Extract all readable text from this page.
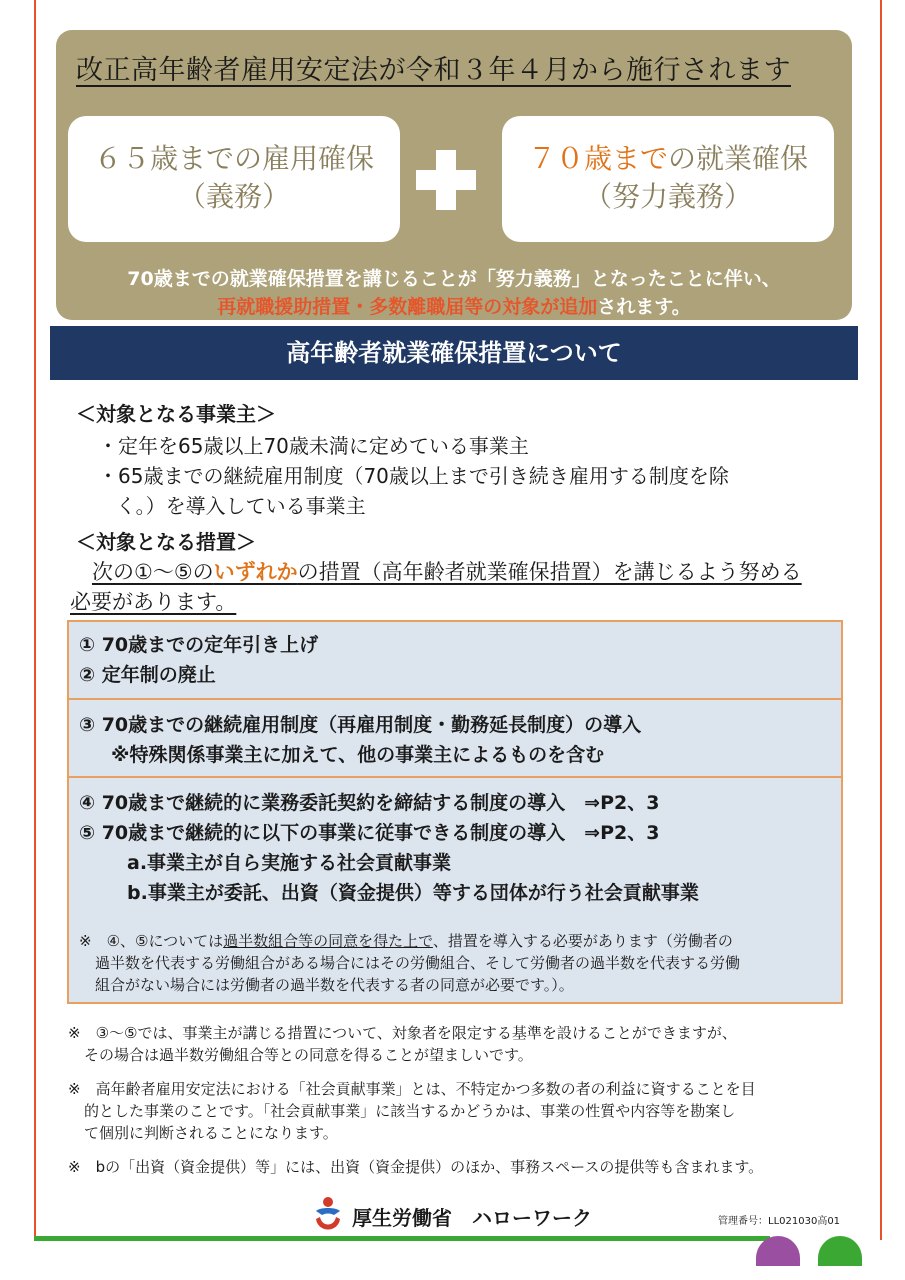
改正高年齢者雇用安定法が令和３年４月から施行されます
６５歳までの雇用確保
（義務）
７０歳までの就業確保
（努力義務）
70歳までの就業確保措置を講じることが「努力義務」となったことに伴い、
再就職援助措置・多数離職届等の対象が追加されます。
高年齢者就業確保措置について
＜対象となる事業主＞
・定年を65歳以上70歳未満に定めている事業主
・65歳までの継続雇用制度（70歳以上まで引き続き雇用する制度を除
く。）を導入している事業主
＜対象となる措置＞
次の①～⑤のいずれかの措置（高年齢者就業確保措置）を講じるよう努める
必要があります。
① 70歳までの定年引き上げ
② 定年制の廃止
③ 70歳までの継続雇用制度（再雇用制度・勤務延長制度）の導入
※特殊関係事業主に加えて、他の事業主によるものを含む
④ 70歳まで継続的に業務委託契約を締結する制度の導入　⇒P2、3
⑤ 70歳まで継続的に以下の事業に従事できる制度の導入　⇒P2、3
a.事業主が自ら実施する社会貢献事業
b.事業主が委託、出資（資金提供）等する団体が行う社会貢献事業
※　④、⑤については過半数組合等の同意を得た上で、措置を導入する必要があります（労働者の
過半数を代表する労働組合がある場合にはその労働組合、そして労働者の過半数を代表する労働
組合がない場合には労働者の過半数を代表する者の同意が必要です。）。
※　③～⑤では、事業主が講じる措置について、対象者を限定する基準を設けることができますが、
その場合は過半数労働組合等との同意を得ることが望ましいです。
※　高年齢者雇用安定法における「社会貢献事業」とは、不特定かつ多数の者の利益に資することを目
的とした事業のことです。「社会貢献事業」に該当するかどうかは、事業の性質や内容等を勘案し
て個別に判断されることになります。
※　bの「出資（資金提供）等」には、出資（資金提供）のほか、事務スペースの提供等も含まれます。
厚生労働省　ハローワーク	管理番号：LL021030高01
